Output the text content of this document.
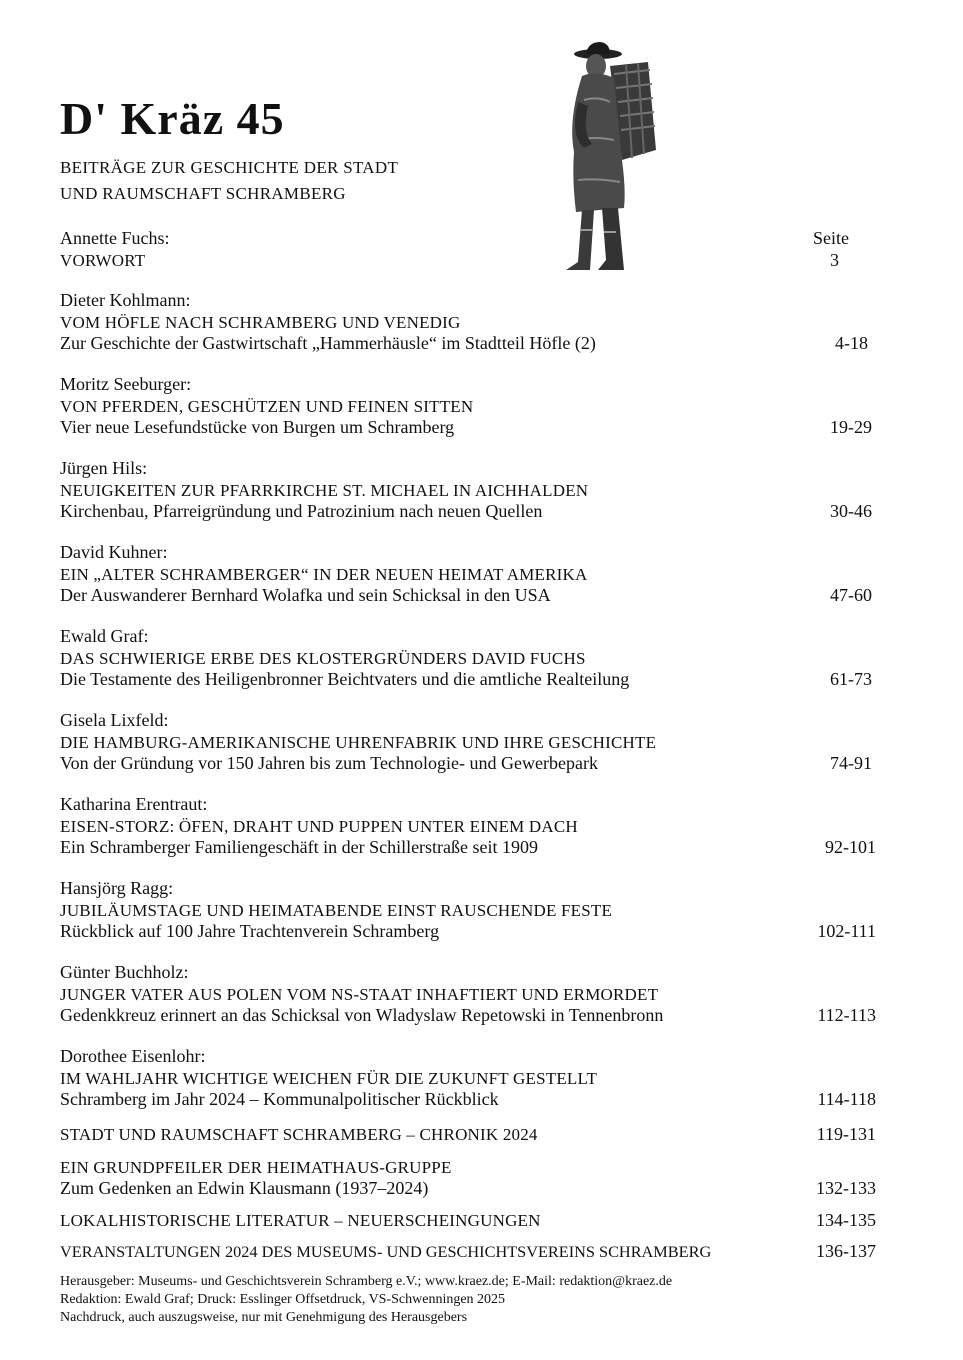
D' Kräz 45
BEITRÄGE ZUR GESCHICHTE DER STADT
UND RAUMSCHAFT SCHRAMBERG
Seite
Annette Fuchs:
VORWORT	3
Dieter Kohlmann:
VOM HÖFLE NACH SCHRAMBERG UND VENEDIG
Zur Geschichte der Gastwirtschaft „Hammerhäusle“ im Stadtteil Höfle (2)	4-18
Moritz Seeburger:
VON PFERDEN, GESCHÜTZEN UND FEINEN SITTEN
Vier neue Lesefundstücke von Burgen um Schramberg	19-29
Jürgen Hils:
NEUIGKEITEN ZUR PFARRKIRCHE ST. MICHAEL IN AICHHALDEN
Kirchenbau, Pfarreigründung und Patrozinium nach neuen Quellen	30-46
David Kuhner:
EIN „ALTER SCHRAMBERGER“ IN DER NEUEN HEIMAT AMERIKA
Der Auswanderer Bernhard Wolafka und sein Schicksal in den USA	47-60
Ewald Graf:
DAS SCHWIERIGE ERBE DES KLOSTERGRÜNDERS DAVID FUCHS
Die Testamente des Heiligenbronner Beichtvaters und die amtliche Realteilung	61-73
Gisela Lixfeld:
DIE HAMBURG-AMERIKANISCHE UHRENFABRIK UND IHRE GESCHICHTE
Von der Gründung vor 150 Jahren bis zum Technologie- und Gewerbepark	74-91
Katharina Erentraut:
EISEN-STORZ: ÖFEN, DRAHT UND PUPPEN UNTER EINEM DACH
Ein Schramberger Familiengeschäft in der Schillerstraße seit 1909	92-101
Hansjörg Ragg:
JUBILÄUMSTAGE UND HEIMATABENDE EINST RAUSCHENDE FESTE
Rückblick auf 100 Jahre Trachtenverein Schramberg	102-111
Günter Buchholz:
JUNGER VATER AUS POLEN VOM NS-STAAT INHAFTIERT UND ERMORDET
Gedenkkreuz erinnert an das Schicksal von Wladyslaw Repetowski in Tennenbronn	112-113
Dorothee Eisenlohr:
IM WAHLJAHR WICHTIGE WEICHEN FÜR DIE ZUKUNFT GESTELLT
Schramberg im Jahr 2024 – Kommunalpolitischer Rückblick	114-118
STADT UND RAUMSCHAFT SCHRAMBERG – CHRONIK 2024	119-131
EIN GRUNDPFEILER DER HEIMATHAUS-GRUPPE
Zum Gedenken an Edwin Klausmann (1937–2024)	132-133
LOKALHISTORISCHE LITERATUR – NEUERSCHEINGUNGEN	134-135
VERANSTALTUNGEN 2024 DES MUSEUMS- UND GESCHICHTSVEREINS SCHRAMBERG	136-137
Herausgeber: Museums- und Geschichtsverein Schramberg e.V.; www.kraez.de; E-Mail: redaktion@kraez.de
Redaktion: Ewald Graf; Druck: Esslinger Offsetdruck, VS-Schwenningen 2025
Nachdruck, auch auszugsweise, nur mit Genehmigung des Herausgebers
